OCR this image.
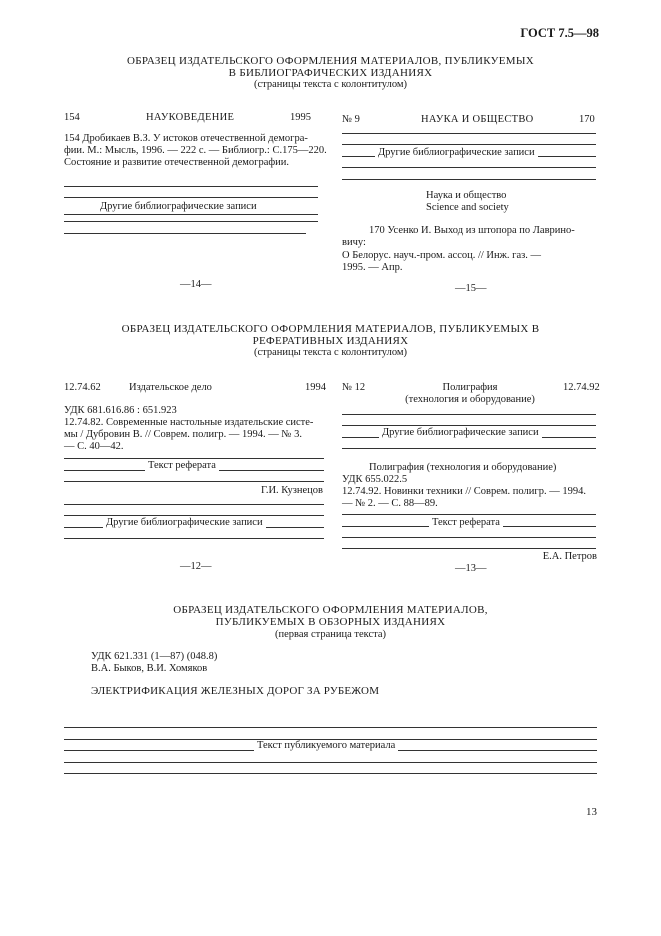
ГОСТ 7.5—98
ОБРАЗЕЦ ИЗДАТЕЛЬСКОГО ОФОРМЛЕНИЯ МАТЕРИАЛОВ, ПУБЛИКУЕМЫХ
В БИБЛИОГРАФИЧЕСКИХ ИЗДАНИЯХ
(страницы текста с колонтитулом)
154	НАУКОВЕДЕНИЕ	1995
154 Дробикаев В.З. У истоков отечественной демогра-
фии. М.: Мысль, 1996. — 222 с. — Библиогр.: С.175—220.
Состояние и развитие отечественной демографии.
Другие библиографические записи
—14—
№ 9	НАУКА И ОБЩЕСТВО	170
Другие библиографические записи
Наука и общество
Science and society
170 Усенко И. Выход из штопора по Лаврино-
вичу:
О Белорус. науч.-пром. ассоц. // Инж. газ. —
1995. — Апр.
—15—
ОБРАЗЕЦ ИЗДАТЕЛЬСКОГО ОФОРМЛЕНИЯ МАТЕРИАЛОВ, ПУБЛИКУЕМЫХ В
РЕФЕРАТИВНЫХ ИЗДАНИЯХ
(страницы текста с колонтитулом)
12.74.62	Издательское дело	1994
УДК 681.616.86 : 651.923
12.74.82. Современные настольные издательские систе-
мы / Дубровин В. // Соврем. полигр. — 1994. — № 3.
— С. 40—42.
Текст реферата
Г.И. Кузнецов
Другие библиографические записи
—12—
№ 12	Полиграфия
(технология и оборудование)
12.74.92
Другие библиографические записи
Полиграфия (технология и оборудование)
УДК 655.022.5
12.74.92. Новинки техники // Соврем. полигр. — 1994.
— № 2. — С. 88—89.
Текст реферата
Е.А. Петров
—13—
ОБРАЗЕЦ ИЗДАТЕЛЬСКОГО ОФОРМЛЕНИЯ МАТЕРИАЛОВ,
ПУБЛИКУЕМЫХ В ОБЗОРНЫХ ИЗДАНИЯХ
(первая страница текста)
УДК 621.331 (1—87) (048.8)
В.А. Быков, В.И. Хомяков
ЭЛЕКТРИФИКАЦИЯ ЖЕЛЕЗНЫХ ДОРОГ ЗА РУБЕЖОМ
Текст публикуемого материала
13
